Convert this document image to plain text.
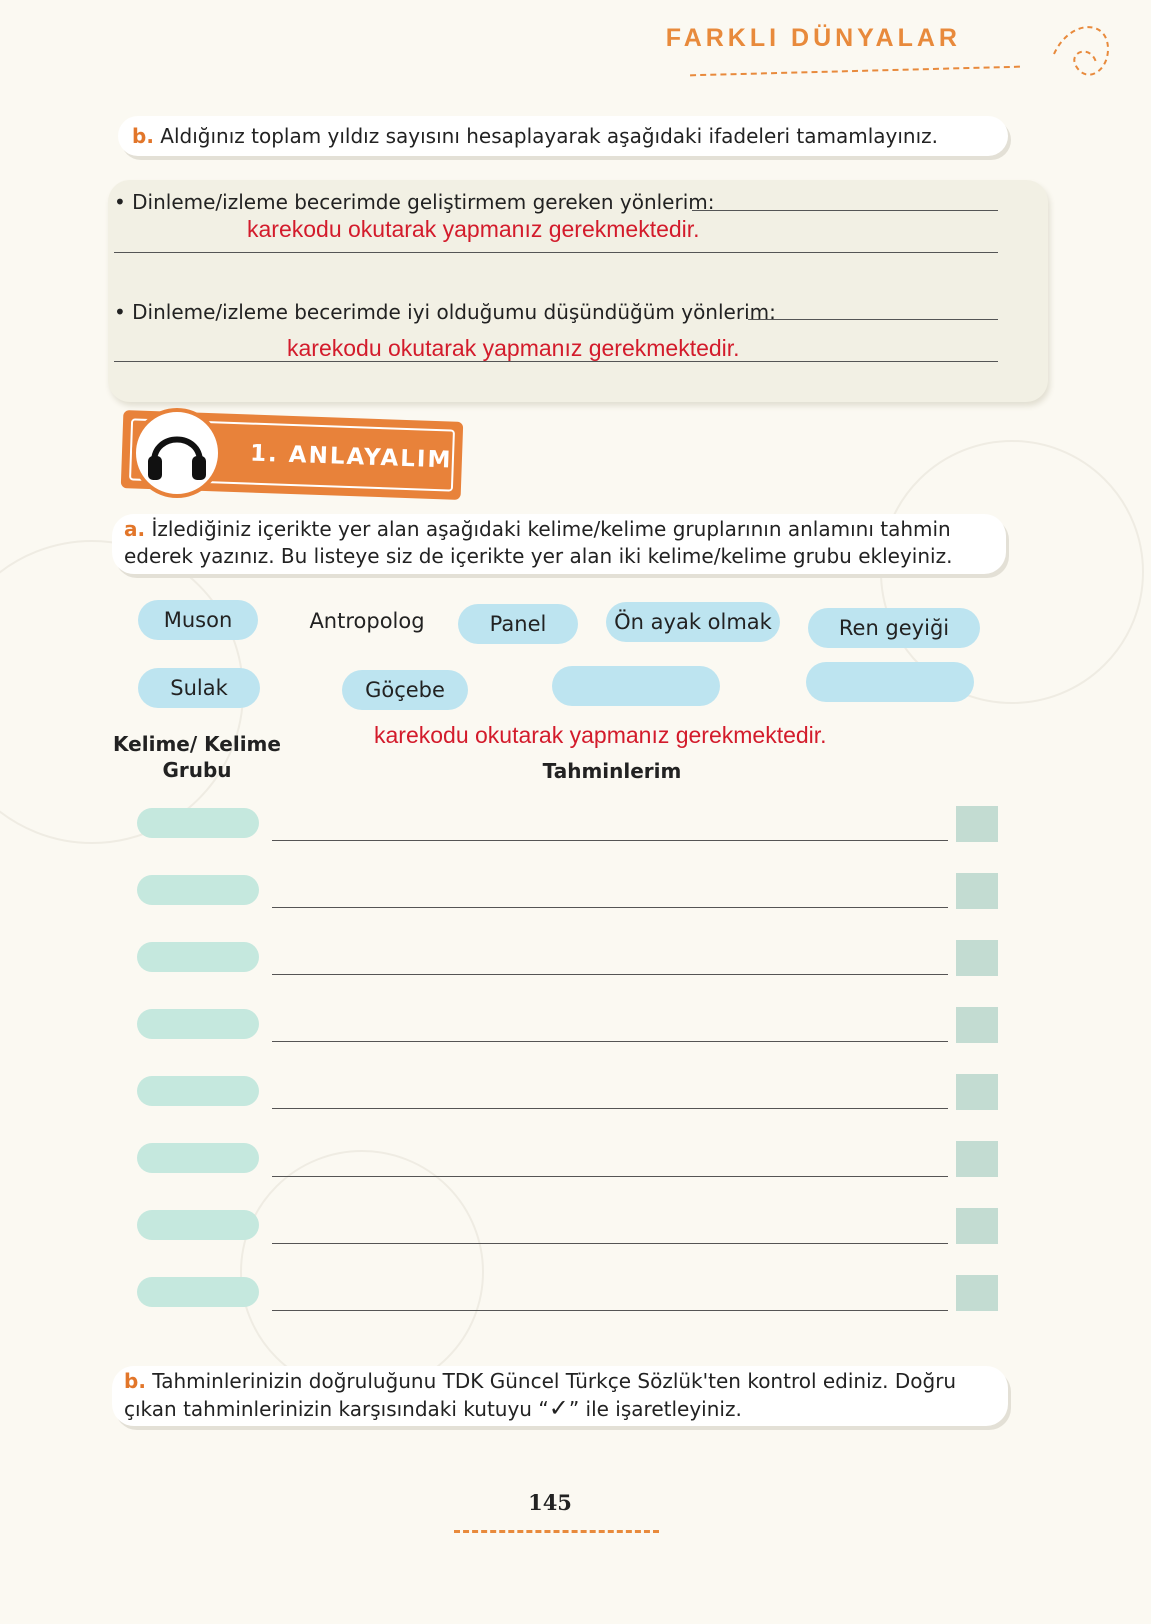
FARKLI DÜNYALAR
b. Aldığınız toplam yıldız sayısını hesaplayarak aşağıdaki ifadeleri tamamlayınız.
• Dinleme/izleme becerimde geliştirmem gereken yönlerim:
karekodu okutarak yapmanız gerekmektedir.
• Dinleme/izleme becerimde iyi olduğumu düşündüğüm yönlerim:
karekodu okutarak yapmanız gerekmektedir.
1. ANLAYALIM
a. İzlediğiniz içerikte yer alan aşağıdaki kelime/kelime gruplarının anlamını tahmin ederek yazınız. Bu listeye siz de içerikte yer alan iki kelime/kelime grubu ekleyiniz.
Muson	Antropolog	Panel	Ön ayak olmak	Ren geyiği
Sulak	Göçebe
karekodu okutarak yapmanız gerekmektedir.
Kelime/ Kelime Grubu	Tahminlerim
b. Tahminlerinizin doğruluğunu TDK Güncel Türkçe Sözlük'ten kontrol ediniz. Doğru çıkan tahminlerinizin karşısındaki kutuyu “✓” ile işaretleyiniz.
145
